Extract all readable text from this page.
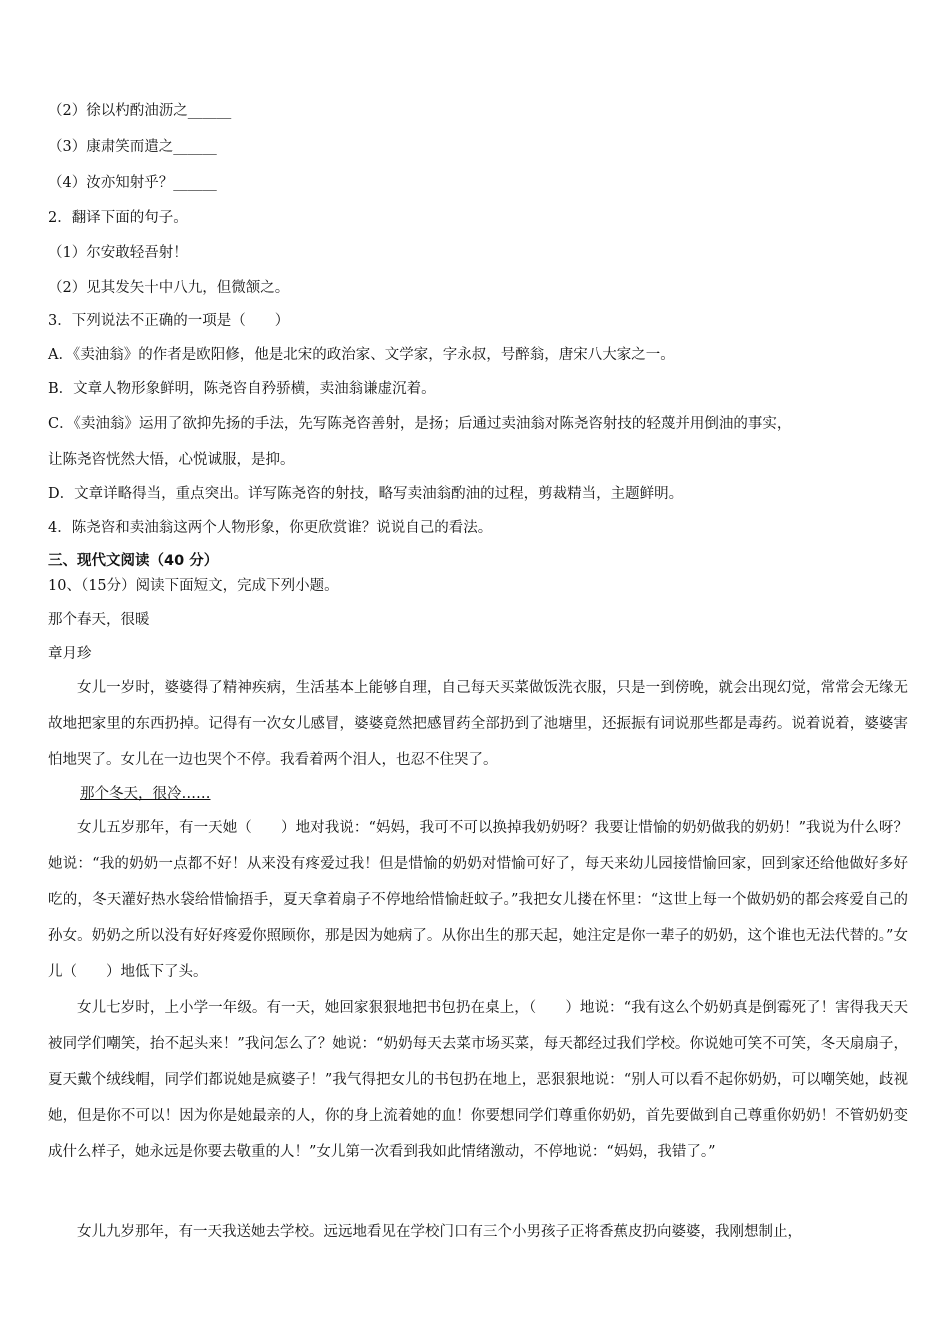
（2）徐以杓酌油沥之______
（3）康肃笑而遣之______
（4）汝亦知射乎？______
2．翻译下面的句子。
（1）尔安敢轻吾射！
（2）见其发矢十中八九，但微颔之。
3．下列说法不正确的一项是（　　）
A．《卖油翁》的作者是欧阳修，他是北宋的政治家、文学家，字永叔，号醉翁，唐宋八大家之一。
B．文章人物形象鲜明，陈尧咨自矜骄横，卖油翁谦虚沉着。
C．《卖油翁》运用了欲抑先扬的手法，先写陈尧咨善射，是扬；后通过卖油翁对陈尧咨射技的轻蔑并用倒油的事实，
让陈尧咨恍然大悟，心悦诚服，是抑。
D．文章详略得当，重点突出。详写陈尧咨的射技，略写卖油翁酌油的过程，剪裁精当，主题鲜明。
4．陈尧咨和卖油翁这两个人物形象，你更欣赏谁？说说自己的看法。
三、现代文阅读（40 分）
10、（15分）阅读下面短文，完成下列小题。
那个春天，很暖
章月珍

女儿一岁时，婆婆得了精神疾病，生活基本上能够自理，自己每天买菜做饭洗衣服，只是一到傍晚，就会出现幻觉，常常会无缘无故地把家里的东西扔掉。记得有一次女儿感冒，婆婆竟然把感冒药全部扔到了池塘里，还振振有词说那些都是毒药。说着说着，婆婆害怕地哭了。女儿在一边也哭个不停。我看着两个泪人，也忍不住哭了。

那个冬天，很冷……

女儿五岁那年，有一天她（　　）地对我说：“妈妈，我可不可以换掉我奶奶呀？我要让惜愉的奶奶做我的奶奶！”我说为什么呀？她说：“我的奶奶一点都不好！从来没有疼爱过我！但是惜愉的奶奶对惜愉可好了，每天来幼儿园接惜愉回家，回到家还给他做好多好吃的，冬天灌好热水袋给惜愉捂手，夏天拿着扇子不停地给惜愉赶蚊子。”我把女儿搂在怀里：“这世上每一个做奶奶的都会疼爱自己的孙女。奶奶之所以没有好好疼爱你照顾你，那是因为她病了。从你出生的那天起，她注定是你一辈子的奶奶，这个谁也无法代替的。”女儿（　　）地低下了头。

女儿七岁时，上小学一年级。有一天，她回家狠狠地把书包扔在桌上，（　　）地说：“我有这么个奶奶真是倒霉死了！害得我天天被同学们嘲笑，抬不起头来！”我问怎么了？她说：“奶奶每天去菜市场买菜，每天都经过我们学校。你说她可笑不可笑，冬天扇扇子，夏天戴个绒线帽，同学们都说她是疯婆子！”我气得把女儿的书包扔在地上，恶狠狠地说：“别人可以看不起你奶奶，可以嘲笑她，歧视她，但是你不可以！因为你是她最亲的人，你的身上流着她的血！你要想同学们尊重你奶奶，首先要做到自己尊重你奶奶！不管奶奶变成什么样子，她永远是你要去敬重的人！”女儿第一次看到我如此情绪激动，不停地说：“妈妈，我错了。”

女儿九岁那年，有一天我送她去学校。远远地看见在学校门口有三个小男孩子正将香蕉皮扔向婆婆，我刚想制止，
